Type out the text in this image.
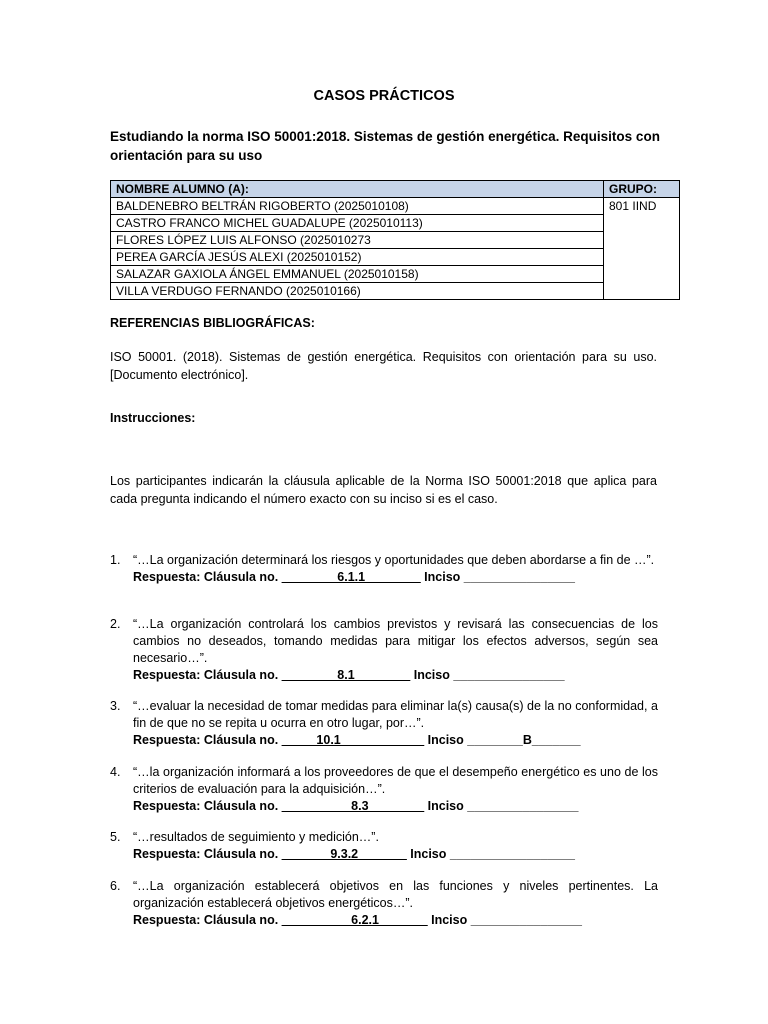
CASOS PRÁCTICOS
Estudiando la norma ISO 50001:2018. Sistemas de gestión energética. Requisitos con orientación para su uso
NOMBRE ALUMNO (A):	GRUPO:
BALDENEBRO BELTRÁN RIGOBERTO (2025010108)	801 IIND
CASTRO FRANCO MICHEL GUADALUPE (2025010113)	
FLORES LÓPEZ LUIS ALFONSO (2025010273	
PEREA GARCÍA JESÚS ALEXI (2025010152)	
SALAZAR GAXIOLA ÁNGEL EMMANUEL (2025010158)	
VILLA VERDUGO FERNANDO (2025010166)	
REFERENCIAS BIBLIOGRÁFICAS:
ISO 50001. (2018). Sistemas de gestión energética. Requisitos con orientación para su uso. [Documento electrónico].
Instrucciones:
Los participantes indicarán la cláusula aplicable de la Norma ISO 50001:2018 que aplica para cada pregunta indicando el número exacto con su inciso si es el caso.
1. “…La organización determinará los riesgos y oportunidades que deben abordarse a fin de …”.
Respuesta: Cláusula no. ________6.1.1________ Inciso ________________
2. “…La organización controlará los cambios previstos y revisará las consecuencias de los cambios no deseados, tomando medidas para mitigar los efectos adversos, según sea necesario…”.
Respuesta: Cláusula no. ________8.1________ Inciso ________________
3. “…evaluar la necesidad de tomar medidas para eliminar la(s) causa(s) de la no conformidad, a fin de que no se repita u ocurra en otro lugar, por…”.
Respuesta: Cláusula no. _____10.1____________ Inciso ________B_______
4. “…la organización informará a los proveedores de que el desempeño energético es uno de los criterios de evaluación para la adquisición…”.
Respuesta: Cláusula no. __________8.3________ Inciso ________________
5. “…resultados de seguimiento y medición…”.
Respuesta: Cláusula no. _______9.3.2_______ Inciso __________________
6. “…La organización establecerá objetivos en las funciones y niveles pertinentes. La organización establecerá objetivos energéticos…”.
Respuesta: Cláusula no. __________6.2.1_______ Inciso ________________
